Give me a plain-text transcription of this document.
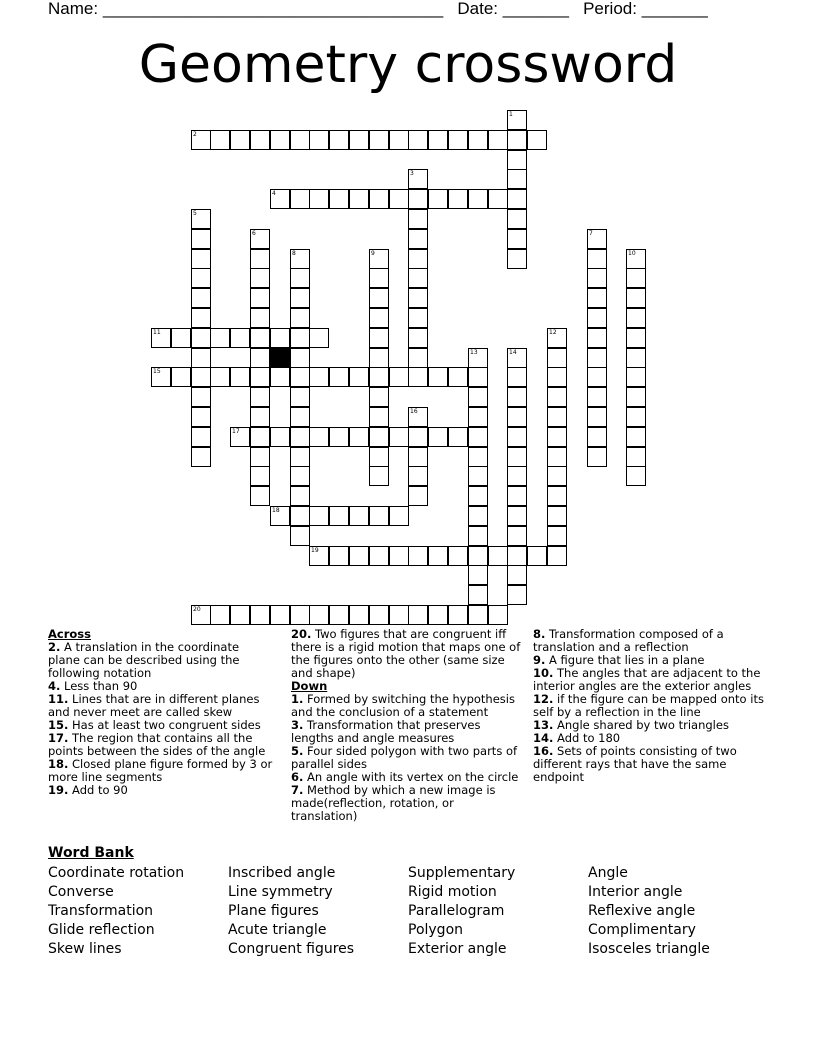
Name: ____________________________________ Date: _______ Period: _______
Geometry crossword
2
4
11
15
17
18
19
20
1
3
5
6	7
8	9	10
12
13	14
16

Across

2. A translation in the coordinate plane can be described using the following notation

4. Less than 90

11. Lines that are in different planes and never meet are called skew

15. Has at least two congruent sides

17. The region that contains all the points between the sides of the angle

18. Closed plane figure formed by 3 or more line segments

19. Add to 90

20. Two figures that are congruent iff there is a rigid motion that maps one of the figures onto the other (same size and shape)

Down

1. Formed by switching the hypothesis and the conclusion of a statement

3. Transformation that preserves lengths and angle measures

5. Four sided polygon with two parts of parallel sides

6. An angle with its vertex on the circle

7. Method by which a new image is made(reflection, rotation, or translation)

8. Transformation composed of a translation and a reflection

9. A figure that lies in a plane

10. The angles that are adjacent to the interior angles are the exterior angles

12. if the figure can be mapped onto its self by a reflection in the line

13. Angle shared by two triangles

14. Add to 180

16. Sets of points consisting of two different rays that have the same endpoint

Word Bank
Coordinate rotation
Converse
Transformation
Glide reflection
Skew lines
Inscribed angle
Line symmetry
Plane figures
Acute triangle
Congruent figures
Supplementary
Rigid motion
Parallelogram
Polygon
Exterior angle
Angle
Interior angle
Reflexive angle
Complimentary
Isosceles triangle
